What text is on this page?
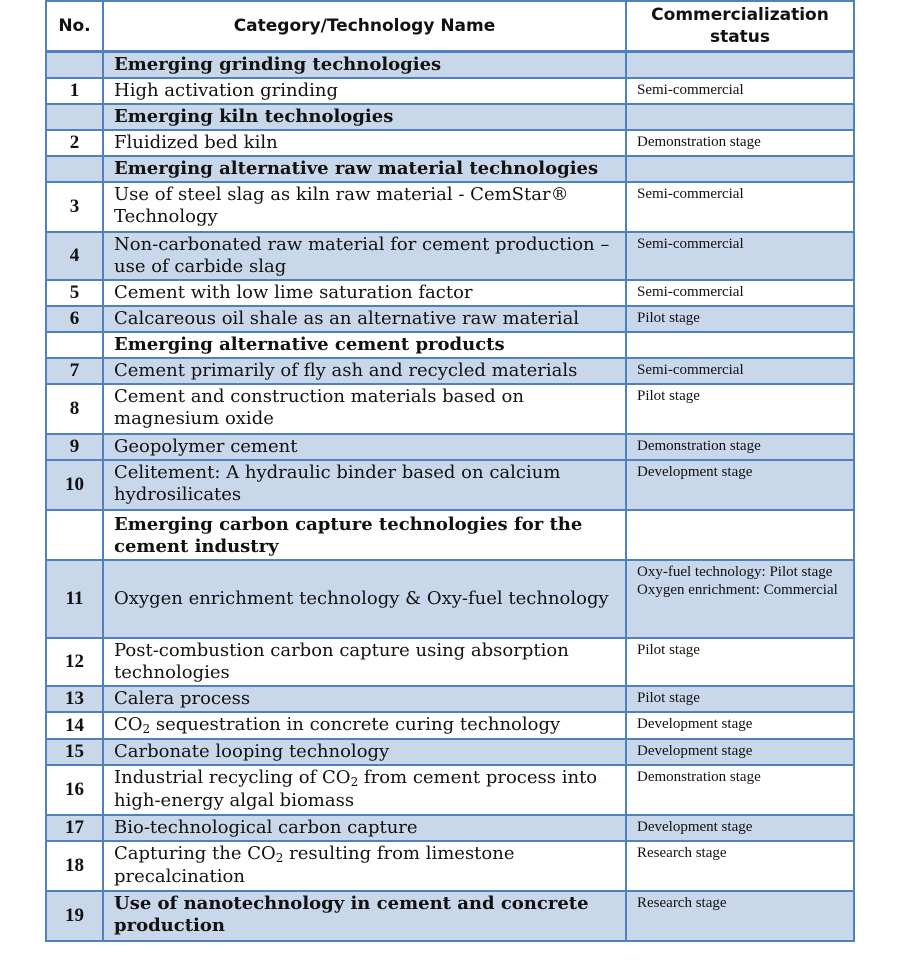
No.	Category/Technology Name	Commercialization status
	Emerging grinding technologies	
1	High activation grinding	Semi-commercial
	Emerging kiln technologies	
2	Fluidized bed kiln	Demonstration stage
	Emerging alternative raw material technologies	
3	Use of steel slag as kiln raw material - CemStar® Technology	Semi-commercial
4	Non-carbonated raw material for cement production – use of carbide slag	Semi-commercial
5	Cement with low lime saturation factor	Semi-commercial
6	Calcareous oil shale as an alternative raw material	Pilot stage
	Emerging alternative cement products	
7	Cement primarily of fly ash and recycled materials	Semi-commercial
8	Cement and construction materials based on magnesium oxide	Pilot stage
9	Geopolymer cement	Demonstration stage
10	Celitement: A hydraulic binder based on calcium hydrosilicates	Development stage
	Emerging carbon capture technologies for the cement industry	
11	Oxygen enrichment technology & Oxy-fuel technology	Oxy-fuel technology: Pilot stage
Oxygen enrichment: Commercial

12	Post-combustion carbon capture using absorption technologies	Pilot stage
13	Calera process	Pilot stage
14	$CO_2$ sequestration in concrete curing technology	Development stage
15	Carbonate looping technology	Development stage
16	Industrial recycling of $CO_2$ from cement process into high-energy algal biomass	Demonstration stage
17	Bio-technological carbon capture	Development stage
18	Capturing the $CO_2$ resulting from limestone precalcination	Research stage
19	Use of nanotechnology in cement and concrete production	Research stage
